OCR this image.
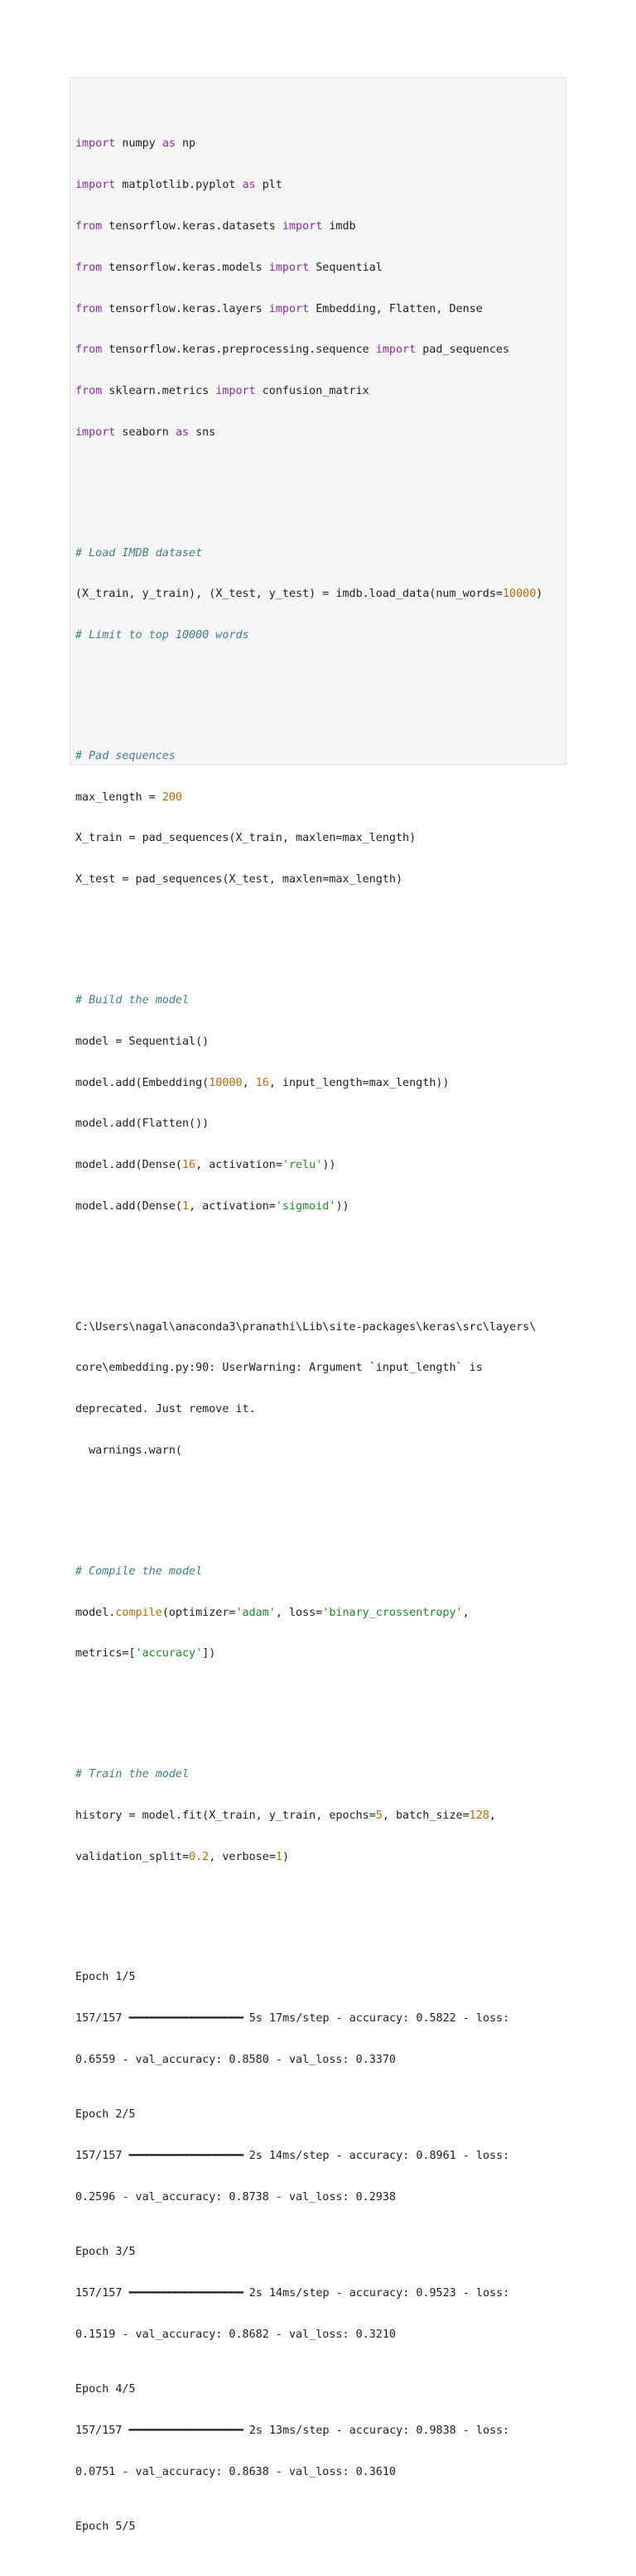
import numpy as np

import matplotlib.pyplot as plt

from tensorflow.keras.datasets import imdb

from tensorflow.keras.models import Sequential

from tensorflow.keras.layers import Embedding, Flatten, Dense

from tensorflow.keras.preprocessing.sequence import pad_sequences

from sklearn.metrics import confusion_matrix

import seaborn as sns

# Load IMDB dataset

(X_train, y_train), (X_test, y_test) = imdb.load_data(num_words=10000)

# Limit to top 10000 words

# Pad sequences

max_length = 200

X_train = pad_sequences(X_train, maxlen=max_length)

X_test = pad_sequences(X_test, maxlen=max_length)

# Build the model

model = Sequential()

model.add(Embedding(10000, 16, input_length=max_length))

model.add(Flatten())

model.add(Dense(16, activation='relu'))

model.add(Dense(1, activation='sigmoid'))

C:\Users\nagal\anaconda3\pranathi\Lib\site-packages\keras\src\layers\

core\embedding.py:90: UserWarning: Argument `input_length` is

deprecated. Just remove it.

warnings.warn(

# Compile the model

model.compile(optimizer='adam', loss='binary_crossentropy',

metrics=['accuracy'])

# Train the model

history = model.fit(X_train, y_train, epochs=5, batch_size=128,

validation_split=0.2, verbose=1)

Epoch 1/5

157/157 ━━━━━━━━━━━━━━━━━━━━ 5s 17ms/step - accuracy: 0.5822 - loss:

0.6559 - val_accuracy: 0.8580 - val_loss: 0.3370

Epoch 2/5

157/157 ━━━━━━━━━━━━━━━━━━━━ 2s 14ms/step - accuracy: 0.8961 - loss:

0.2596 - val_accuracy: 0.8738 - val_loss: 0.2938

Epoch 3/5

157/157 ━━━━━━━━━━━━━━━━━━━━ 2s 14ms/step - accuracy: 0.9523 - loss:

0.1519 - val_accuracy: 0.8682 - val_loss: 0.3210

Epoch 4/5

157/157 ━━━━━━━━━━━━━━━━━━━━ 2s 13ms/step - accuracy: 0.9838 - loss:

0.0751 - val_accuracy: 0.8638 - val_loss: 0.3610

Epoch 5/5
